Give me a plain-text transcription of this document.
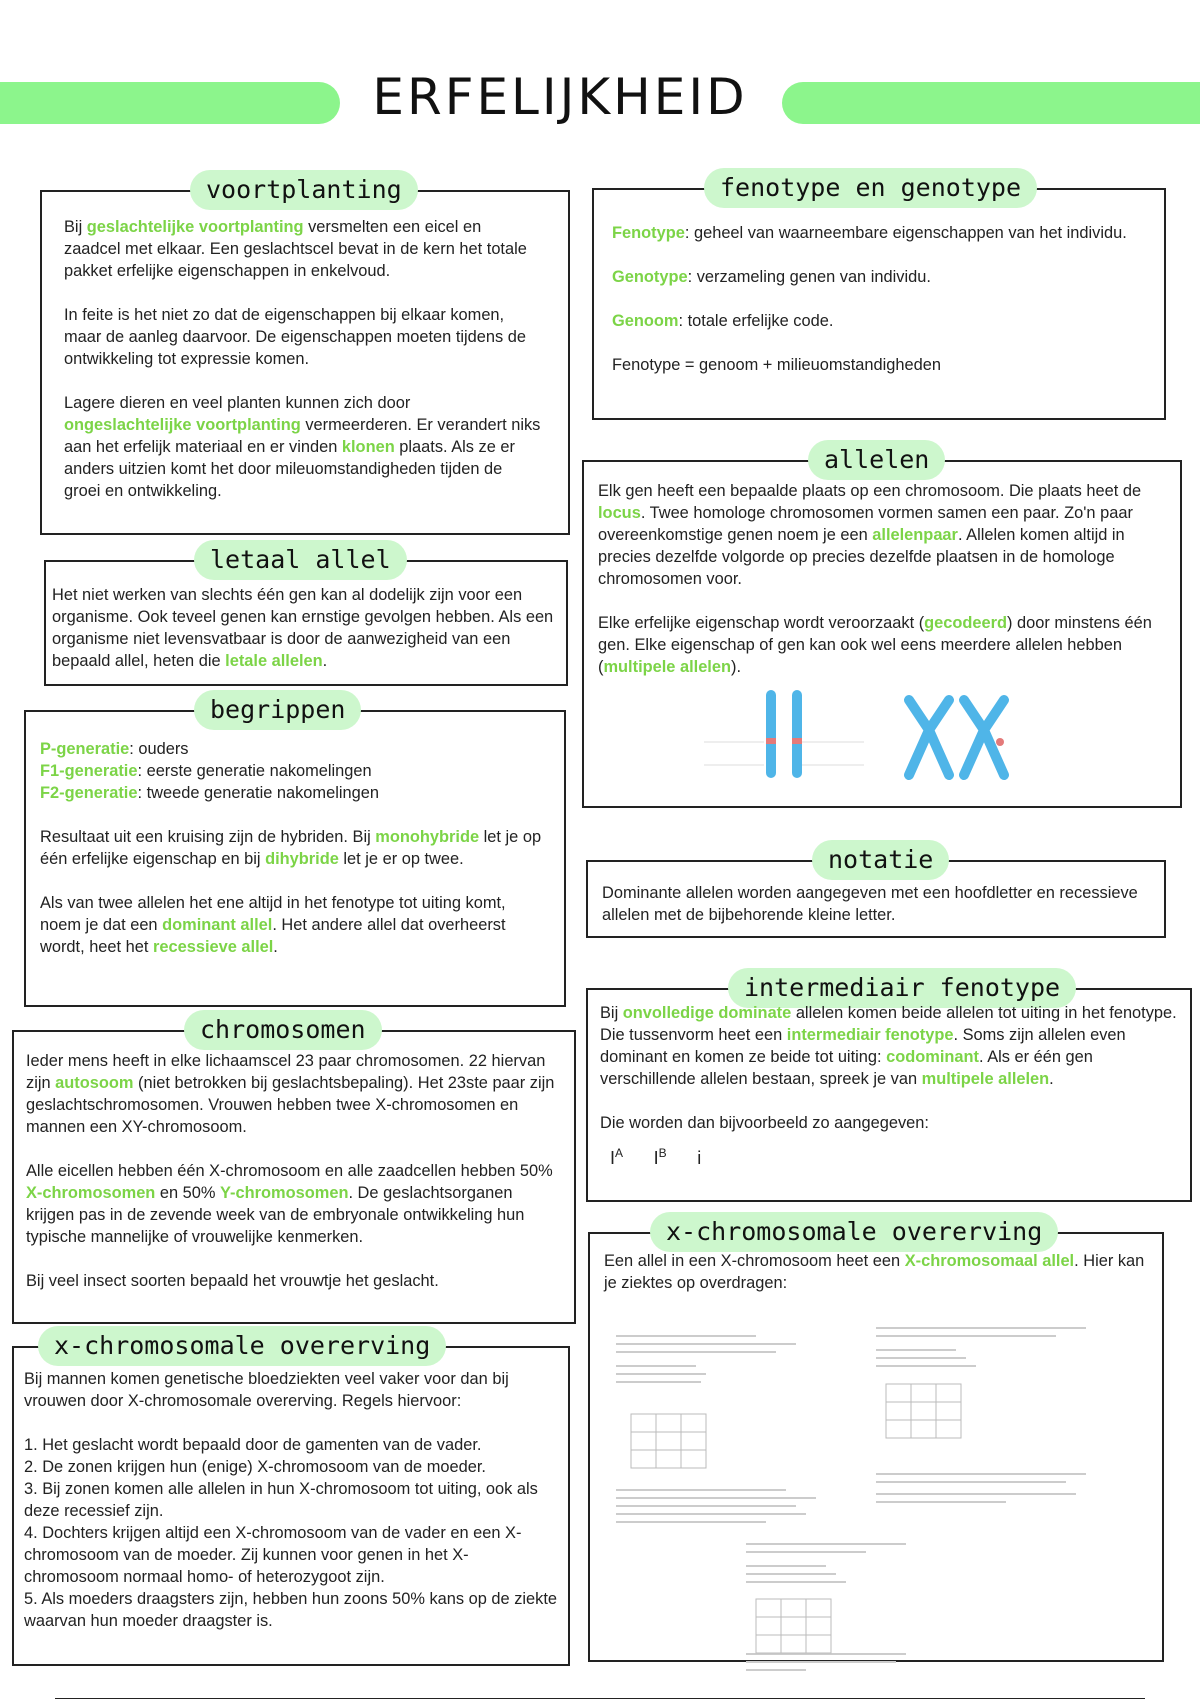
ERFELIJKHEID
voortplanting

Bij geslachtelijke voortplanting versmelten een eicel en zaadcel met elkaar. Een geslachtscel bevat in de kern het totale pakket erfelijke eigenschappen in enkelvoud.

In feite is het niet zo dat de eigenschappen bij elkaar komen, maar de aanleg daarvoor. De eigenschappen moeten tijdens de ontwikkeling tot expressie komen.

Lagere dieren en veel planten kunnen zich door ongeslachtelijke voortplanting vermeerderen. Er verandert niks aan het erfelijk materiaal en er vinden klonen plaats. Als ze er anders uitzien komt het door mileuomstandigheden tijden de groei en ontwikkeling.

letaal allel

Het niet werken van slechts één gen kan al dodelijk zijn voor een organisme. Ook teveel genen kan ernstige gevolgen hebben. Als een organisme niet levensvatbaar is door de aanwezigheid van een bepaald allel, heten die letale allelen.

begrippen
P-generatie: ouders
F1-generatie: eerste generatie nakomelingen

F2-generatie: tweede generatie nakomelingen

Resultaat uit een kruising zijn de hybriden. Bij monohybride let je op één erfelijke eigenschap en bij dihybride let je er op twee.

Als van twee allelen het ene altijd in het fenotype tot uiting komt, noem je dat een dominant allel. Het andere allel dat overheerst wordt, heet het recessieve allel.

chromosomen

Ieder mens heeft in elke lichaamscel 23 paar chromosomen. 22 hiervan zijn autosoom (niet betrokken bij geslachtsbepaling). Het 23ste paar zijn geslachtschromosomen. Vrouwen hebben twee X-chromosomen en mannen een XY-chromosoom.

Alle eicellen hebben één X-chromosoom en alle zaadcellen hebben 50% X-chromosomen en 50% Y-chromosomen. De geslachtsorganen krijgen pas in de zevende week van de embryonale ontwikkeling hun typische mannelijke of vrouwelijke kenmerken.

Bij veel insect soorten bepaald het vrouwtje het geslacht.

x-chromosomale overerving

Bij mannen komen genetische bloedziekten veel vaker voor dan bij vrouwen door X-chromosomale overerving. Regels hiervoor:

1. Het geslacht wordt bepaald door de gamenten van de vader.
2. De zonen krijgen hun (enige) X-chromosoom van de moeder.
3. Bij zonen komen alle allelen in hun X-chromosoom tot uiting, ook als deze recessief zijn.
4. Dochters krijgen altijd een X-chromosoom van de vader en een X-chromosoom van de moeder. Zij kunnen voor genen in het X-chromosoom normaal homo- of heterozygoot zijn.
5. Als moeders draagsters zijn, hebben hun zoons 50% kans op de ziekte waarvan hun moeder draagster is.
fenotype en genotype

Fenotype: geheel van waarneembare eigenschappen van het individu.

Genotype: verzameling genen van individu.

Genoom: totale erfelijke code.

Fenotype = genoom + milieuomstandigheden

allelen

Elk gen heeft een bepaalde plaats op een chromosoom. Die plaats heet de locus. Twee homologe chromosomen vormen samen een paar. Zo'n paar overeenkomstige genen noem je een allelenpaar. Allelen komen altijd in precies dezelfde volgorde op precies dezelfde plaatsen in de homologe chromosomen voor.

Elke erfelijke eigenschap wordt veroorzaakt (gecodeerd) door minstens één gen. Elke eigenschap of gen kan ook wel eens meerdere allelen hebben (multipele allelen).

notatie

Dominante allelen worden aangegeven met een hoofdletter en recessieve allelen met de bijbehorende kleine letter.

intermediair fenotype

Bij onvolledige dominate allelen komen beide allelen tot uiting in het fenotype. Die tussenvorm heet een intermediair fenotype. Soms zijn allelen even dominant en komen ze beide tot uiting: codominant. Als er één gen verschillende allelen bestaan, spreek je van multipele allelen.

Die worden dan bijvoorbeeld zo aangegeven:
$I^A$ $I^B$ i
x-chromosomale overerving

Een allel in een X-chromosoom heet een X-chromosomaal allel. Hier kan je ziektes op overdragen:
